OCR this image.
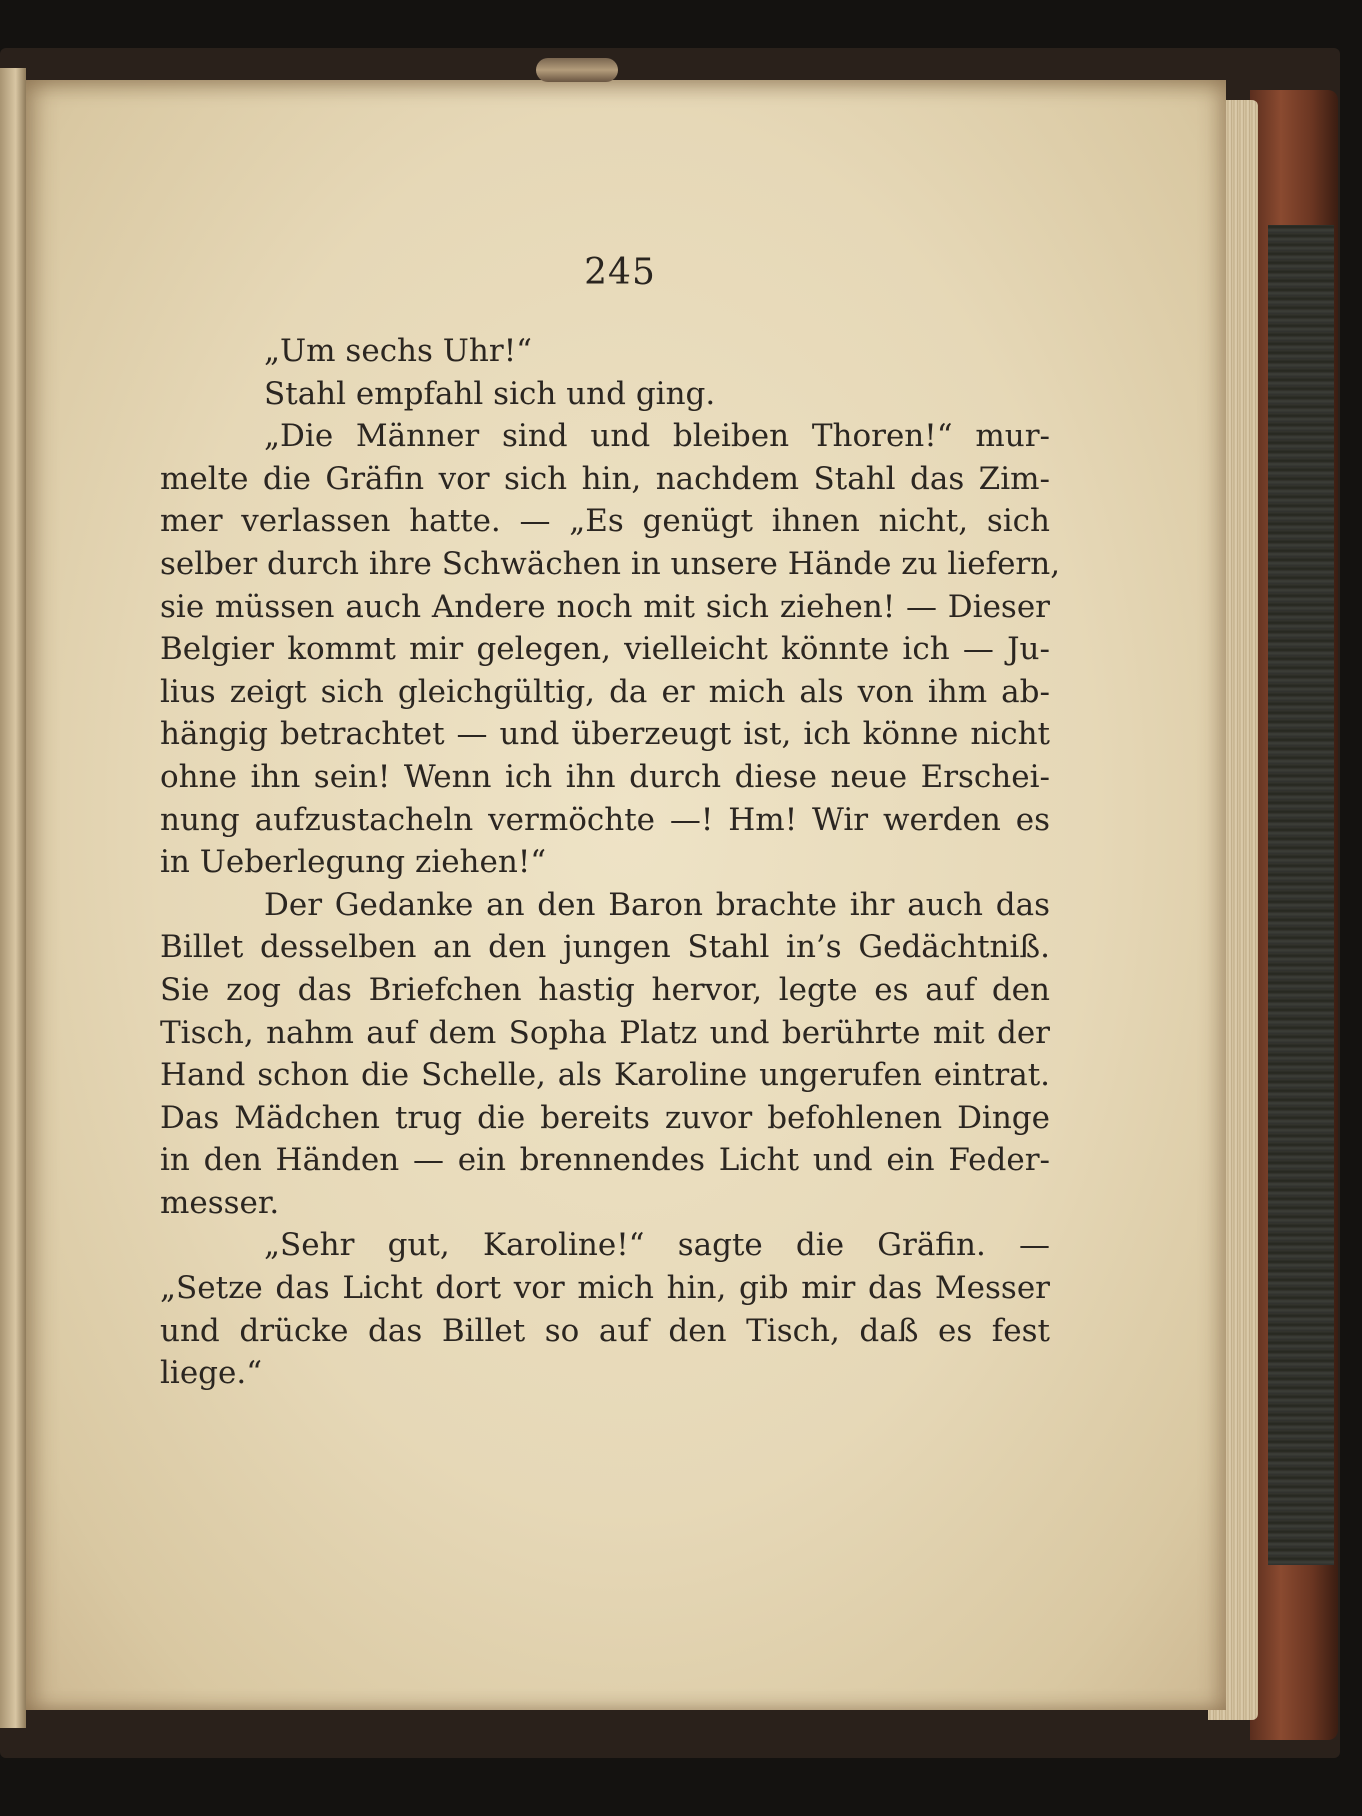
245
„Um sechs Uhr!“
Stahl empfahl sich und ging.
„Die Männer sind und bleiben Thoren!“ mur-
melte die Gräfin vor sich hin, nachdem Stahl das Zim-
mer verlassen hatte. — „Es genügt ihnen nicht, sich
selber durch ihre Schwächen in unsere Hände zu liefern,
sie müssen auch Andere noch mit sich ziehen! — Dieser
Belgier kommt mir gelegen, vielleicht könnte ich — Ju-
lius zeigt sich gleichgültig, da er mich als von ihm ab-
hängig betrachtet — und überzeugt ist, ich könne nicht
ohne ihn sein! Wenn ich ihn durch diese neue Erschei-
nung aufzustacheln vermöchte —! Hm! Wir werden es
in Ueberlegung ziehen!“
Der Gedanke an den Baron brachte ihr auch das
Billet desselben an den jungen Stahl in’s Gedächtniß.
Sie zog das Briefchen hastig hervor, legte es auf den
Tisch, nahm auf dem Sopha Platz und berührte mit der
Hand schon die Schelle, als Karoline ungerufen eintrat.
Das Mädchen trug die bereits zuvor befohlenen Dinge
in den Händen — ein brennendes Licht und ein Feder-
messer.
„Sehr gut, Karoline!“ sagte die Gräfin. —
„Setze das Licht dort vor mich hin, gib mir das Messer
und drücke das Billet so auf den Tisch, daß es fest
liege.“
